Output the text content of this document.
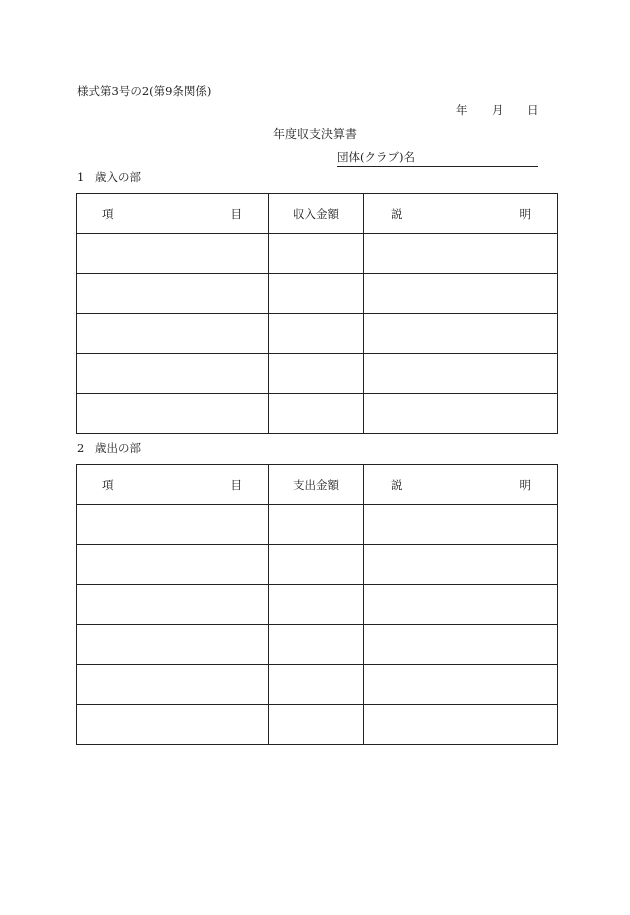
様式第3号の2(第9条関係)
年 月 日
年度収支決算書
団体(クラブ)名
1 歳入の部
項 目	収入金額	説 明

2 歳出の部
項 目	支出金額	説 明
